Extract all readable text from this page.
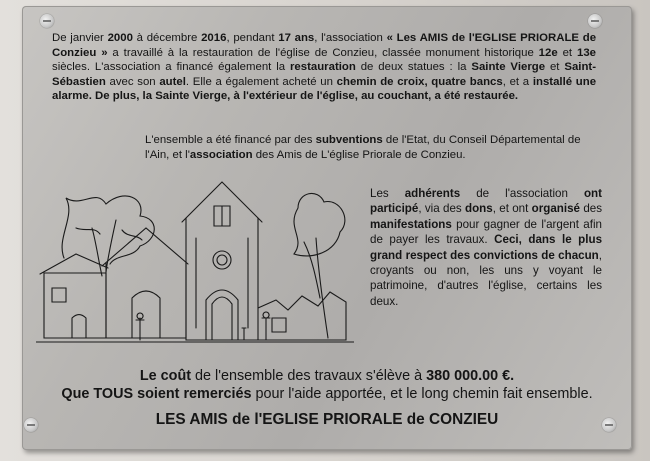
De janvier 2000 à décembre 2016, pendant 17 ans, l'association « Les AMIS de l'EGLISE PRIORALE de Conzieu » a travaillé à la restauration de l'église de Conzieu, classée monument historique 12e et 13e siècles. L'association a financé également la restauration de deux statues : la Sainte Vierge et Saint-Sébastien avec son autel. Elle a également acheté un chemin de croix, quatre bancs, et a installé une alarme. De plus, la Sainte Vierge, à l'extérieur de l'église, au couchant, a été restaurée.

L'ensemble a été financé par des subventions de l'Etat, du Conseil Départemental de l'Ain, et l'association des Amis de L'église Priorale de Conzieu.

Les adhérents de l'association ont participé, via des dons, et ont organisé des manifestations pour gagner de l'argent afin de payer les travaux. Ceci, dans le plus grand respect des convictions de chacun, croyants ou non, les uns y voyant le patrimoine, d'autres l'église, certains les deux.

Le coût de l'ensemble des travaux s'élève à 380 000.00 €.

Que TOUS soient remerciés pour l'aide apportée, et le long chemin fait ensemble.

LES AMIS de l'EGLISE PRIORALE de CONZIEU
